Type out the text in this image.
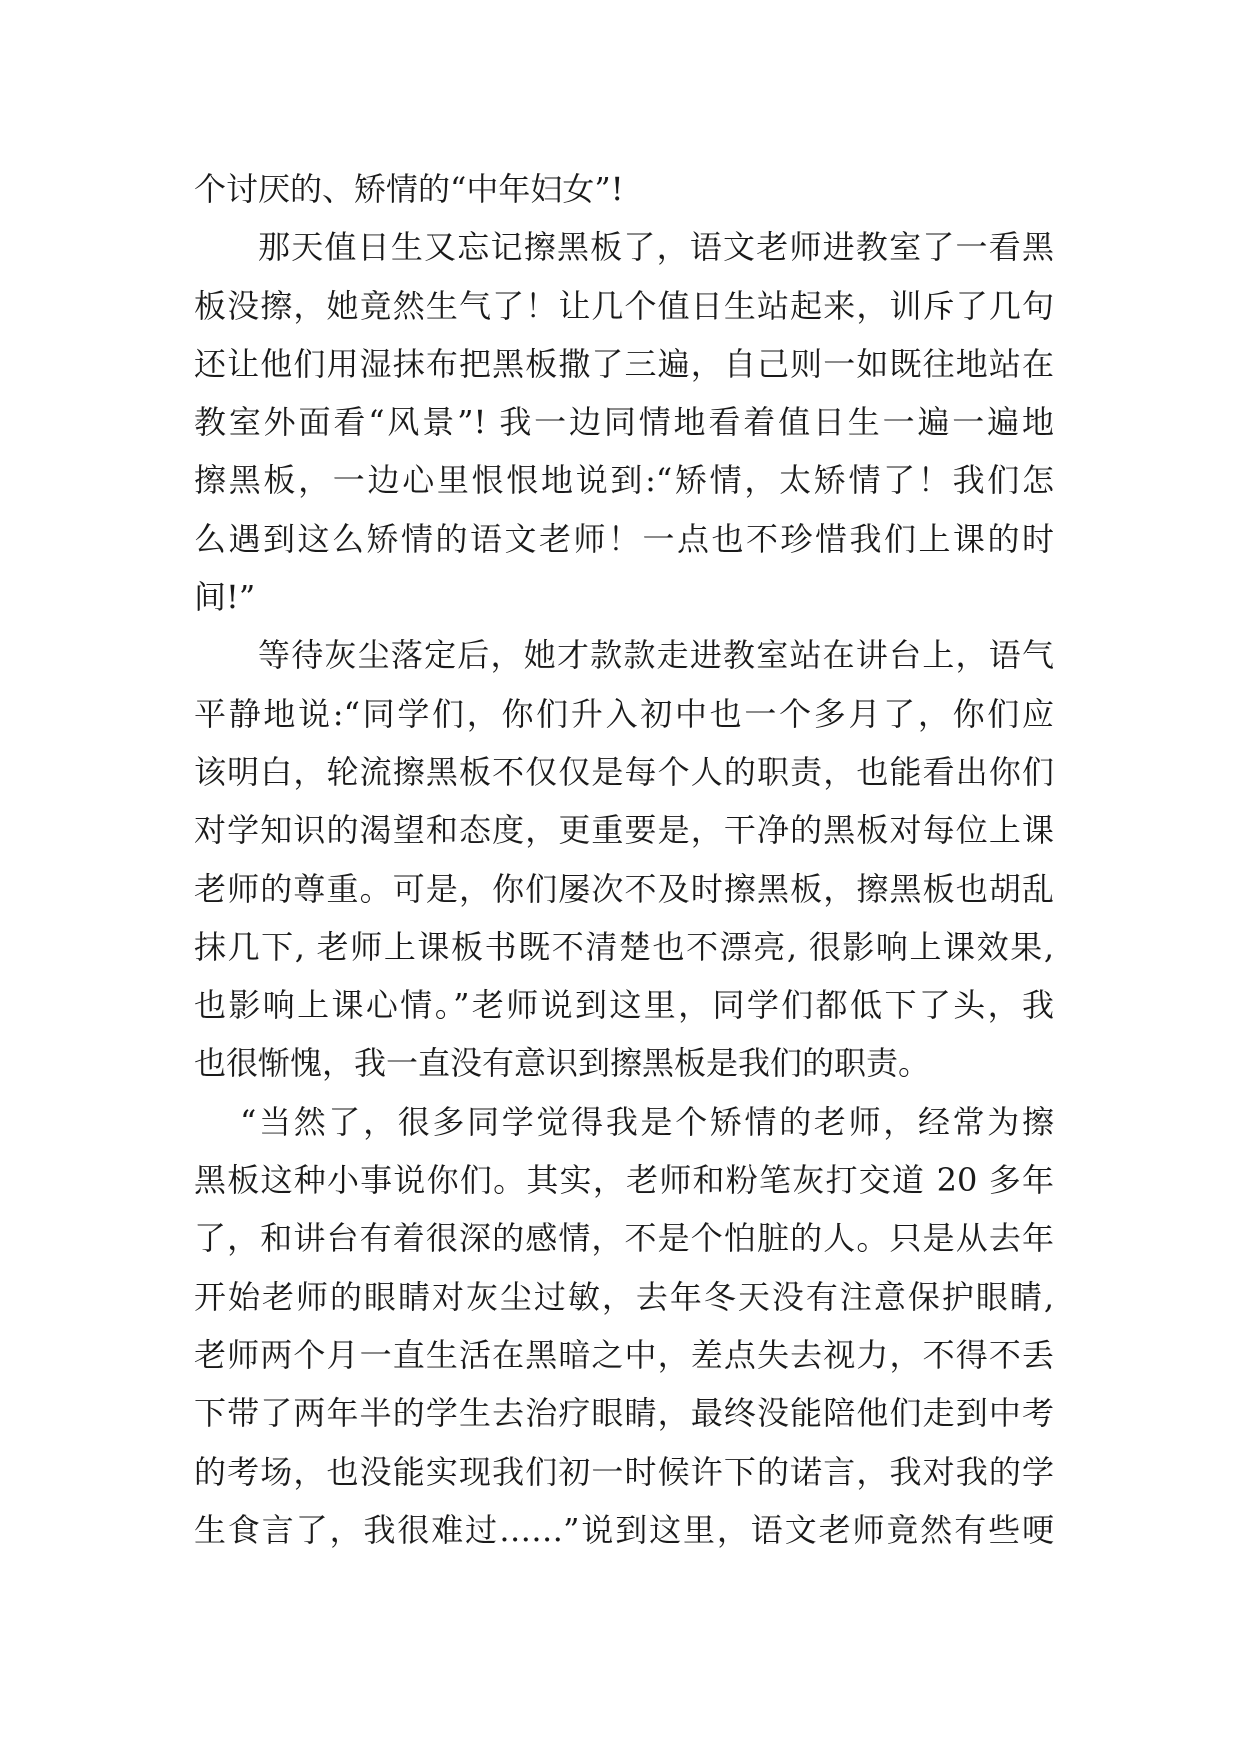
个讨厌的、矫情的“中年妇女”!
那天值日生又忘记擦黑板了，语文老师进教室了一看黑
板没擦，她竟然生气了！让几个值日生站起来，训斥了几句
还让他们用湿抹布把黑板撒了三遍，自己则一如既往地站在
教室外面看“风景”! 我一边同情地看着值日生一遍一遍地
擦黑板，一边心里恨恨地说到:“矫情，太矫情了！我们怎
么遇到这么矫情的语文老师！一点也不珍惜我们上课的时
间!”
等待灰尘落定后，她才款款走进教室站在讲台上，语气
平静地说:“同学们，你们升入初中也一个多月了，你们应
该明白，轮流擦黑板不仅仅是每个人的职责，也能看出你们
对学知识的渴望和态度，更重要是，干净的黑板对每位上课
老师的尊重。可是，你们屡次不及时擦黑板，擦黑板也胡乱
抹几下, 老师上课板书既不清楚也不漂亮, 很影响上课效果,
也影响上课心情。”老师说到这里，同学们都低下了头，我
也很惭愧，我一直没有意识到擦黑板是我们的职责。
“当然了，很多同学觉得我是个矫情的老师，经常为擦
黑板这种小事说你们。其实，老师和粉笔灰打交道 20 多年
了，和讲台有着很深的感情，不是个怕脏的人。只是从去年
开始老师的眼睛对灰尘过敏，去年冬天没有注意保护眼睛,
老师两个月一直生活在黑暗之中，差点失去视力，不得不丢
下带了两年半的学生去治疗眼睛，最终没能陪他们走到中考
的考场，也没能实现我们初一时候许下的诺言，我对我的学
生食言了，我很难过……”说到这里，语文老师竟然有些哽
